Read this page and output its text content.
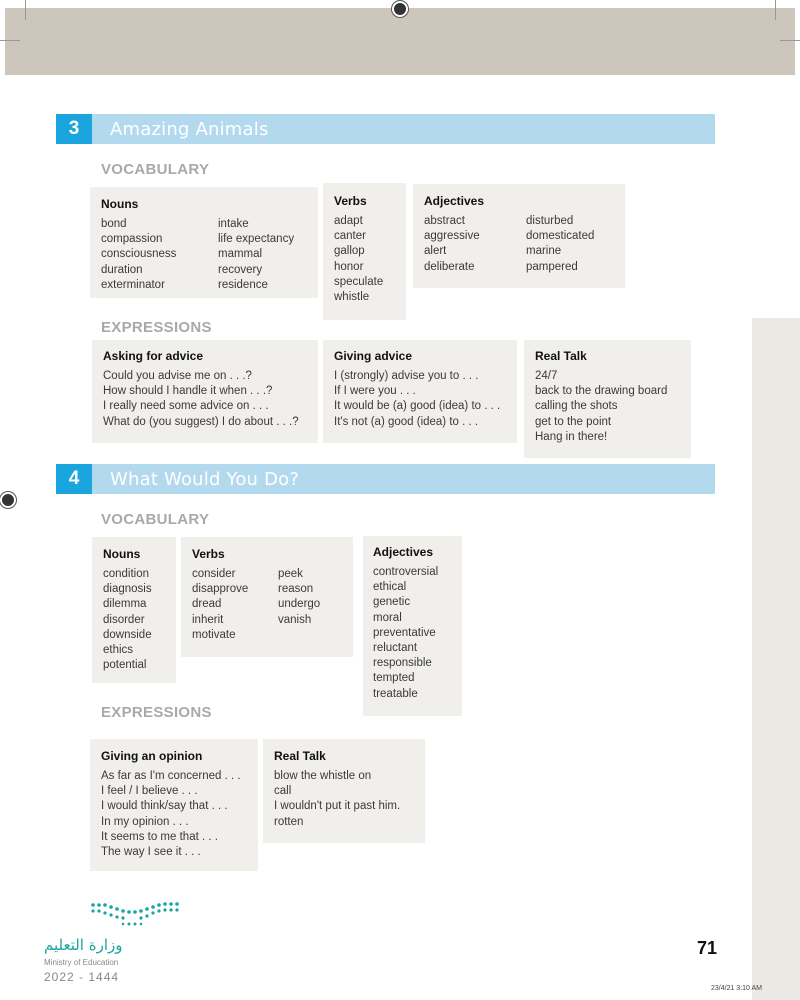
3	Amazing Animals
VOCABULARY
Nouns
bond
compassion
consciousness
duration
exterminator
intake
life expectancy
mammal
recovery
residence
Verbs
adapt
canter
gallop
honor
speculate
whistle
Adjectives
abstract
aggressive
alert
deliberate
disturbed
domesticated
marine
pampered
EXPRESSIONS
Asking for advice
Could you advise me on . . .?
How should I handle it when . . .?
I really need some advice on . . .
What do (you suggest) I do about . . .?
Giving advice
I (strongly) advise you to . . .
If I were you . . .
It would be (a) good (idea) to . . .
It's not (a) good (idea) to . . .
Real Talk
24/7
back to the drawing board
calling the shots
get to the point
Hang in there!
4	What Would You Do?
VOCABULARY
Nouns
condition
diagnosis
dilemma
disorder
downside
ethics
potential
Verbs
consider
disapprove
dread
inherit
motivate
peek
reason
undergo
vanish
Adjectives
controversial
ethical
genetic
moral
preventative
reluctant
responsible
tempted
treatable
EXPRESSIONS
Giving an opinion
As far as I'm concerned . . .
I feel / I believe . . .
I would think/say that . . .
In my opinion . . .
It seems to me that . . .
The way I see it . . .
Real Talk
blow the whistle on
call
I wouldn't put it past him.
rotten
وزارة التعليم
Ministry of Education
2022 - 1444
71
23/4/21 3:10 AM
